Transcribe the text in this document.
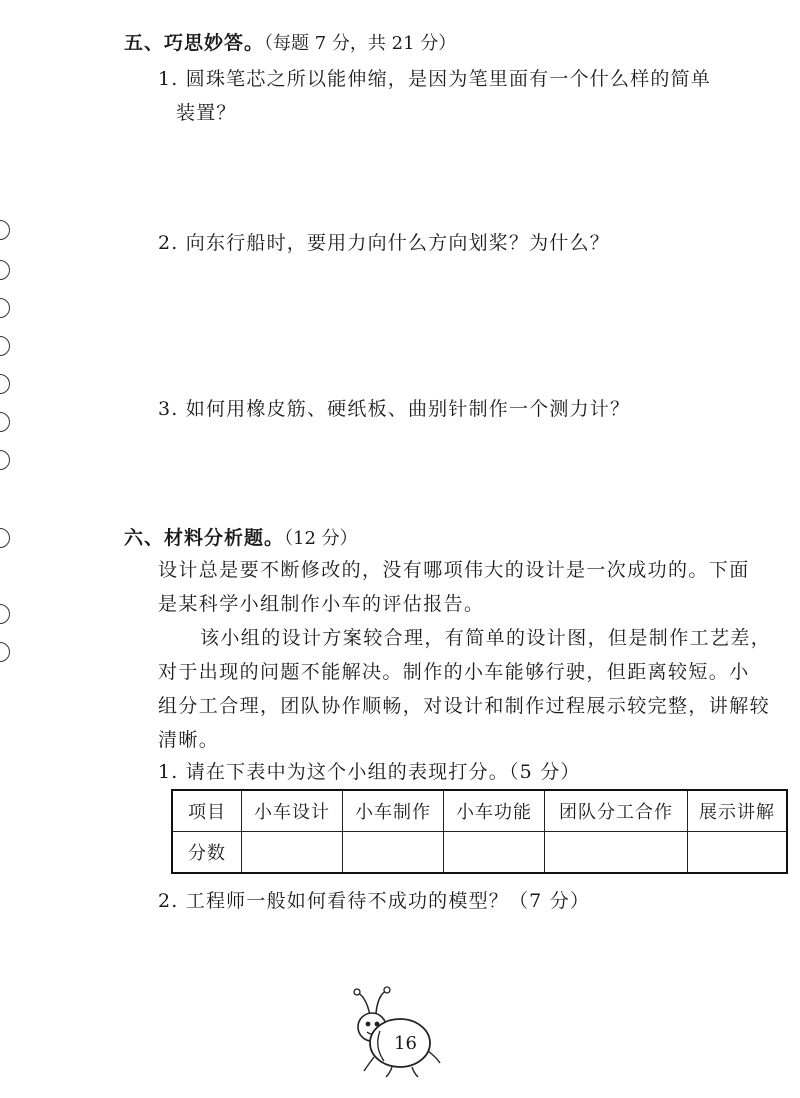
五、巧思妙答。（每题 7 分，共 21 分）
1. 圆珠笔芯之所以能伸缩，是因为笔里面有一个什么样的简单
装置？
2. 向东行船时，要用力向什么方向划桨？为什么？
3. 如何用橡皮筋、硬纸板、曲别针制作一个测力计？
六、材料分析题。（12 分）
设计总是要不断修改的，没有哪项伟大的设计是一次成功的。下面
是某科学小组制作小车的评估报告。
该小组的设计方案较合理，有简单的设计图，但是制作工艺差，
对于出现的问题不能解决。制作的小车能够行驶，但距离较短。小
组分工合理，团队协作顺畅，对设计和制作过程展示较完整，讲解较
清晰。
1. 请在下表中为这个小组的表现打分。（5 分）
项目	小车设计	小车制作	小车功能	团队分工合作	展示讲解
分数					
2. 工程师一般如何看待不成功的模型？（7 分）
16
